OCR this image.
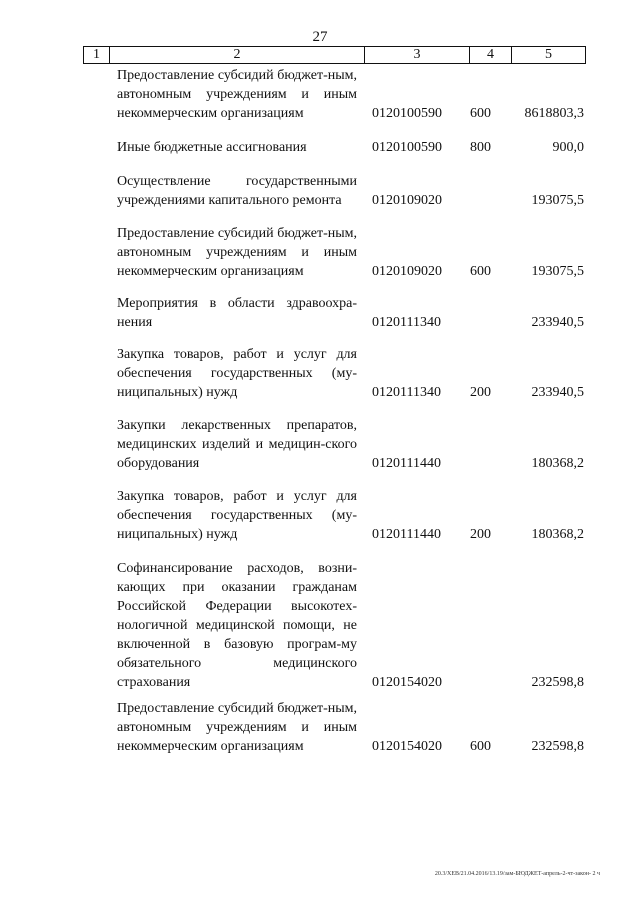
27
1	2	3	4	5
Предоставление субсидий бюджет-ным, автономным учреждениям и иным некоммерческим организациям	0120100590 600 8618803,3
Иные бюджетные ассигнования	0120100590 800	900,0
Осуществление государственными учреждениями капитального ремонта	0120109020	193075,5
Предоставление субсидий бюджет-ным, автономным учреждениям и иным некоммерческим организациям	0120109020 600	193075,5
Мероприятия в области здравоохра-нения	0120111340	233940,5
Закупка товаров, работ и услуг для обеспечения государственных (му-ниципальных) нужд	0120111340 200	233940,5
Закупки лекарственных препаратов, медицинских изделий и медицин-ского оборудования	0120111440	180368,2
Закупка товаров, работ и услуг для обеспечения государственных (му-ниципальных) нужд	0120111440 200	180368,2
Софинансирование расходов, возни-кающих при оказании гражданам Российской Федерации высокотех-нологичной медицинской помощи, не включенной в базовую програм-му обязательного медицинского страхования	0120154020	232598,8
Предоставление субсидий бюджет-ным, автономным учреждениям и иным некоммерческим организациям	0120154020 600	232598,8
20.3/ХЕВ/21.04.2016/13.19/зам-БЮДЖЕТ-апрель-2-чт-закон- 2 ч
